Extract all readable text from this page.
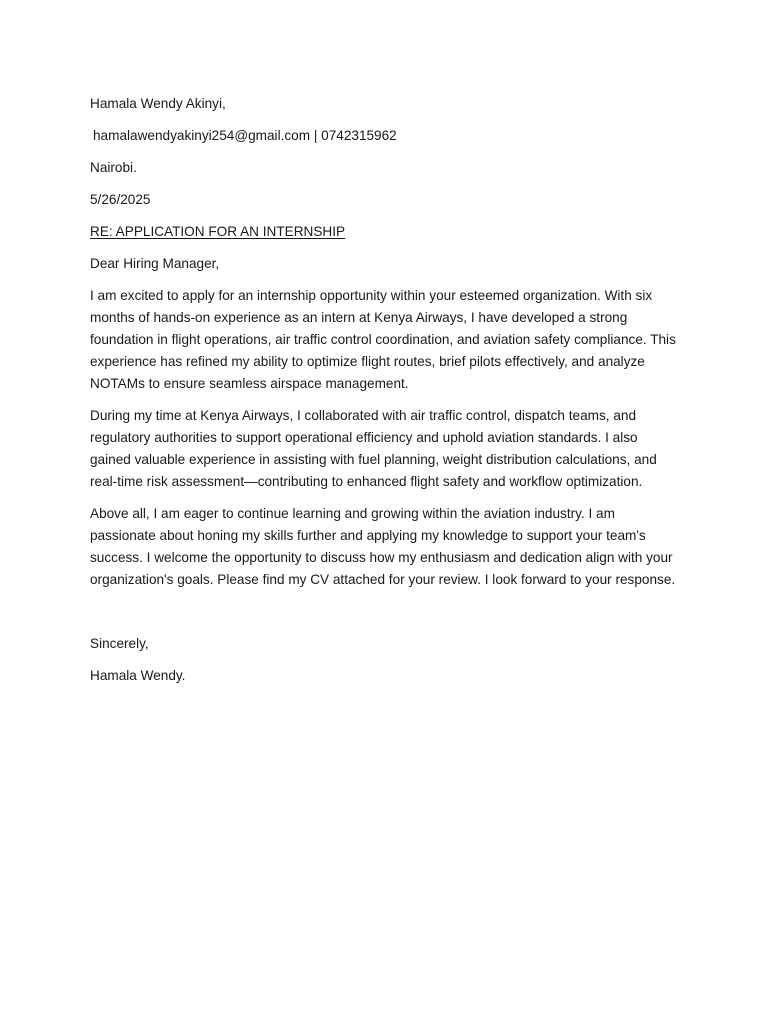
Hamala Wendy Akinyi,
hamalawendyakinyi254@gmail.com | 0742315962
Nairobi.
5/26/2025
RE: APPLICATION FOR AN INTERNSHIP
Dear Hiring Manager,

I am excited to apply for an internship opportunity within your esteemed organization. With six months of hands-on experience as an intern at Kenya Airways, I have developed a strong foundation in flight operations, air traffic control coordination, and aviation safety compliance. This experience has refined my ability to optimize flight routes, brief pilots effectively, and analyze NOTAMs to ensure seamless airspace management.

During my time at Kenya Airways, I collaborated with air traffic control, dispatch teams, and regulatory authorities to support operational efficiency and uphold aviation standards. I also gained valuable experience in assisting with fuel planning, weight distribution calculations, and real-time risk assessment—contributing to enhanced flight safety and workflow optimization.

Above all, I am eager to continue learning and growing within the aviation industry. I am passionate about honing my skills further and applying my knowledge to support your team's success. I welcome the opportunity to discuss how my enthusiasm and dedication align with your organization's goals. Please find my CV attached for your review. I look forward to your response.

Sincerely,
Hamala Wendy.
